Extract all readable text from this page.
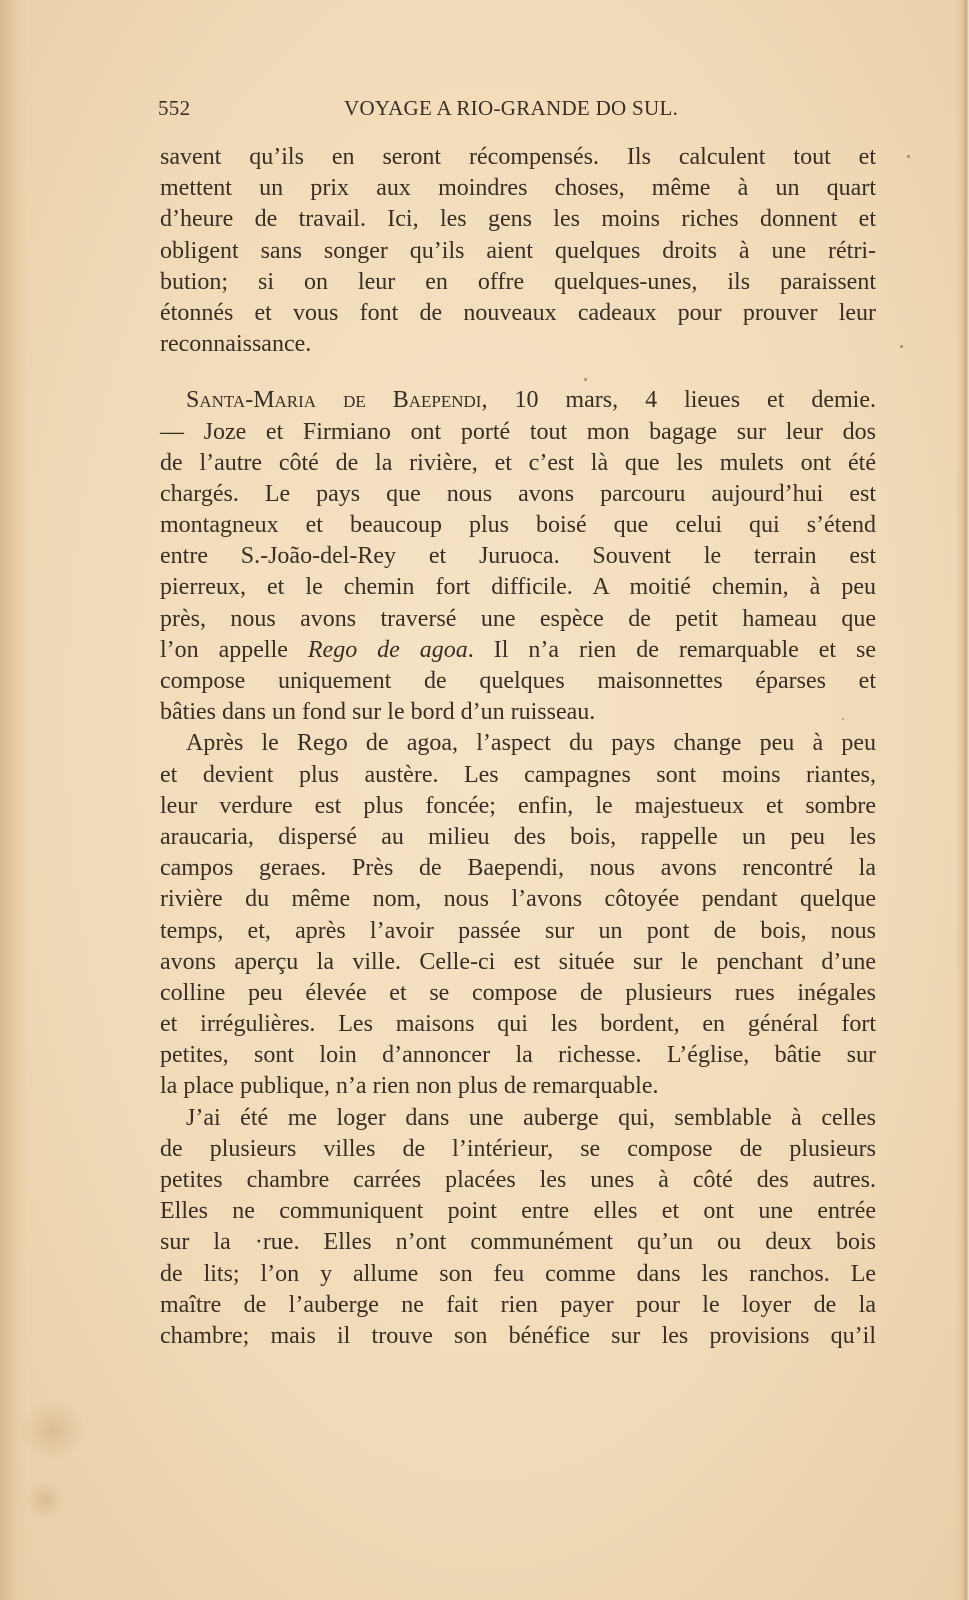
552	VOYAGE A RIO-GRANDE DO SUL.
savent qu’ils en seront récompensés. Ils calculent tout et
mettent un prix aux moindres choses, même à un quart
d’heure de travail. Ici, les gens les moins riches donnent et
obligent sans songer qu’ils aient quelques droits à une rétri-
bution; si on leur en offre quelques-unes, ils paraissent
étonnés et vous font de nouveaux cadeaux pour prouver leur
reconnaissance.
Santa-Maria de Baependi, 10 mars, 4 lieues et demie.
— Joze et Firmiano ont porté tout mon bagage sur leur dos
de l’autre côté de la rivière, et c’est là que les mulets ont été
chargés. Le pays que nous avons parcouru aujourd’hui est
montagneux et beaucoup plus boisé que celui qui s’étend
entre S.-João-del-Rey et Juruoca. Souvent le terrain est
pierreux, et le chemin fort difficile. A moitié chemin, à peu
près, nous avons traversé une espèce de petit hameau que
l’on appelle Rego de agoa. Il n’a rien de remarquable et se
compose uniquement de quelques maisonnettes éparses et
bâties dans un fond sur le bord d’un ruisseau.
Après le Rego de agoa, l’aspect du pays change peu à peu
et devient plus austère. Les campagnes sont moins riantes,
leur verdure est plus foncée; enfin, le majestueux et sombre
araucaria, dispersé au milieu des bois, rappelle un peu les
campos geraes. Près de Baependi, nous avons rencontré la
rivière du même nom, nous l’avons côtoyée pendant quelque
temps, et, après l’avoir passée sur un pont de bois, nous
avons aperçu la ville. Celle-ci est située sur le penchant d’une
colline peu élevée et se compose de plusieurs rues inégales
et irrégulières. Les maisons qui les bordent, en général fort
petites, sont loin d’annoncer la richesse. L’église, bâtie sur
la place publique, n’a rien non plus de remarquable.
J’ai été me loger dans une auberge qui, semblable à celles
de plusieurs villes de l’intérieur, se compose de plusieurs
petites chambre carrées placées les unes à côté des autres.
Elles ne communiquent point entre elles et ont une entrée
sur la ·rue. Elles n’ont communément qu’un ou deux bois
de lits; l’on y allume son feu comme dans les ranchos. Le
maître de l’auberge ne fait rien payer pour le loyer de la
chambre; mais il trouve son bénéfice sur les provisions qu’il
